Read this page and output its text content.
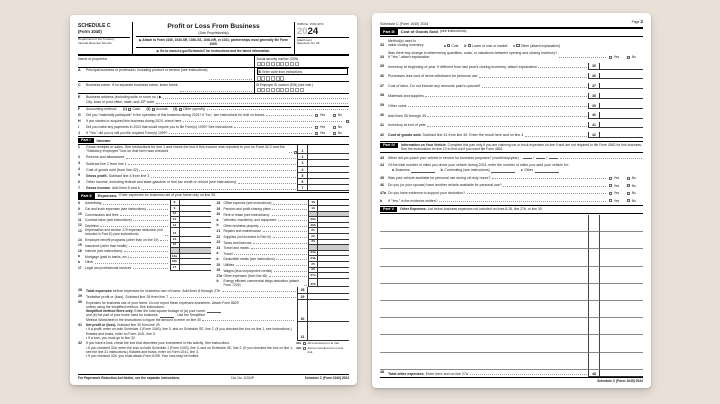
SCHEDULE C
(Form 1040)
Department of the Treasury
Internal Revenue Service
Profit or Loss From Business
(Sole Proprietorship)
▶ Attach to Form 1040, 1040-SR, 1040-SS, 1040-NR, or 1041; partnerships must generally file Form 1065.
▶ Go to www.irs.gov/ScheduleC for instructions and the latest information.
OMB No. 1545-0074
2024
Attachment
Sequence No. 09
Name of proprietor	Social security number (SSN)
A	Principal business or profession, including product or service (see instructions)	B Enter code from instructions
C	Business name. If no separate business name, leave blank.	D Employer ID number (EIN) (see instr.)
E	Business address (including suite or room no.) ▶
City, town or post office, state, and ZIP code
F	Accounting method: (1) Cash (2) Accrual (3) Other (specify)
G	Did you "materially participate" in the operation of this business during 2024? If "No," see instructions for limit on losses	Yes	No
H	If you started or acquired this business during 2024, check here
I	Did you make any payments in 2024 that would require you to file Form(s) 1099? See instructions	Yes	No
J	If "Yes," did you or will you file required Form(s) 1099?	Yes	No
Part I	Income
1	Gross receipts or sales. See instructions for line 1 and check the box if this income was reported to you on Form W-2 and the "Statutory employee" box on that form was checked	1
2	Returns and allowances	2
3	Subtract line 2 from line 1	3
4	Cost of goods sold (from line 42)	4
5	Gross profit. Subtract line 4 from line 3	5
6	Other income, including federal and state gasoline or fuel tax credit or refund (see instructions)	6
7	Gross income. Add lines 5 and 6	7
Part II	Expenses. Enter expenses for business use of your home only on line 30.
8	Advertising	8
9	Car and truck expenses (see instructions)	9
10	Commissions and fees	10
11	Contract labor (see instructions)	11
12	Depletion	12
13	Depreciation and section 179 expense deduction (not included in Part III) (see instructions)	13
14	Employee benefit programs (other than on line 19)	14
15	Insurance (other than health)	15
16	Interest (see instructions):
a	Mortgage (paid to banks, etc.)	16a
b	Other	16b
17	Legal and professional services	17
18	Office expense (see instructions)	18
19	Pension and profit-sharing plans	19
20	Rent or lease (see instructions):
a	Vehicles, machinery, and equipment	20a
b	Other business property	20b
21	Repairs and maintenance	21
22	Supplies (not included in Part III)	22
23	Taxes and licenses	23
24	Travel and meals:
a	Travel	24a
b	Deductible meals (see instructions)	24b
25	Utilities	25
26	Wages (less employment credits)	26
27a Other expenses (from line 48)	27a
b	Energy efficient commercial bldgs deduction (attach Form 7205)	27b
28	Total expenses before expenses for business use of home. Add lines 8 through 27b	28
29	Tentative profit or (loss). Subtract line 28 from line 7	29
30	Expenses for business use of your home. Do not report these expenses elsewhere. Attach Form 8829
unless using the simplified method. See instructions.
Simplified method filers only:
Enter the total square footage of (a) your home:
and (b) the part of your home used for business:	. Use the Simplified
Method Worksheet in the instructions to figure the amount to enter on line 30	30
31	Net profit or (loss).
Subtract line 30 from line 29.
• If a profit, enter on both Schedule 1 (Form 1040), line 3, and on Schedule SE, line 2. (If you checked the box on line 1, see instructions.) Estates and trusts, enter on Form 1041, line 3.
• If a loss, you must go to line 32.	31
32	If you have a loss, check the box that describes your investment in this activity. See instructions.
• If you checked 32a, enter the loss on both Schedule 1 (Form 1040), line 3, and on Schedule SE, line 2. (If you checked the box on line 1, see the line 31 instructions.) Estates and trusts, enter on Form 1041, line 3.
• If you checked 32b, you must attach Form 6198. Your loss may be limited.
32a All investment is at risk.
32b Some investment is not at risk.
For Paperwork Reduction Act Notice, see the separate instructions.	Cat. No. 11334P	Schedule C (Form 1040) 2024
Schedule C (Form 1040) 2024	Page 2
Part III	Cost of Goods Sold (see instructions)
33
Method(s) used to
value closing inventory:	a Cost b Lower of cost or market c Other (attach explanation)
34
Was there any change in determining quantities, costs, or valuations between opening and closing inventory?
If "Yes," attach explanation	Yes	No
35	Inventory at beginning of year. If different from last year's closing inventory, attach explanation	35
36	Purchases less cost of items withdrawn for personal use	36
37	Cost of labor. Do not include any amounts paid to yourself	37
38	Materials and supplies	38
39	Other costs	39
40	Add lines 35 through 39	40
41	Inventory at end of year	41
42	Cost of goods sold. Subtract line 41 from line 40. Enter the result here and on line 4	42
Part IV	Information on Your Vehicle. Complete this part only if you are claiming car or truck expenses on line 9 and are not required to file Form 4562 for this business. See the instructions for line 13 to find out if you must file Form 4562.
43	When did you place your vehicle in service for business purposes? (month/day/year)	/	/
44	Of the total number of miles you drove your vehicle during 2024, enter the number of miles you used your vehicle for:
a Business	b Commuting (see instructions)	c Other
45	Was your vehicle available for personal use during off-duty hours?	Yes	No
46	Do you (or your spouse) have another vehicle available for personal use?	Yes	No
47a Do you have evidence to support your deduction?	Yes	No
b	If "Yes," is the evidence written?	Yes	No
Part V	Other Expenses. List below business expenses not included on lines 8-26, line 27b, or line 30.
48	Total other expenses. Enter here and on line 27a	48
Schedule C (Form 1040) 2024
